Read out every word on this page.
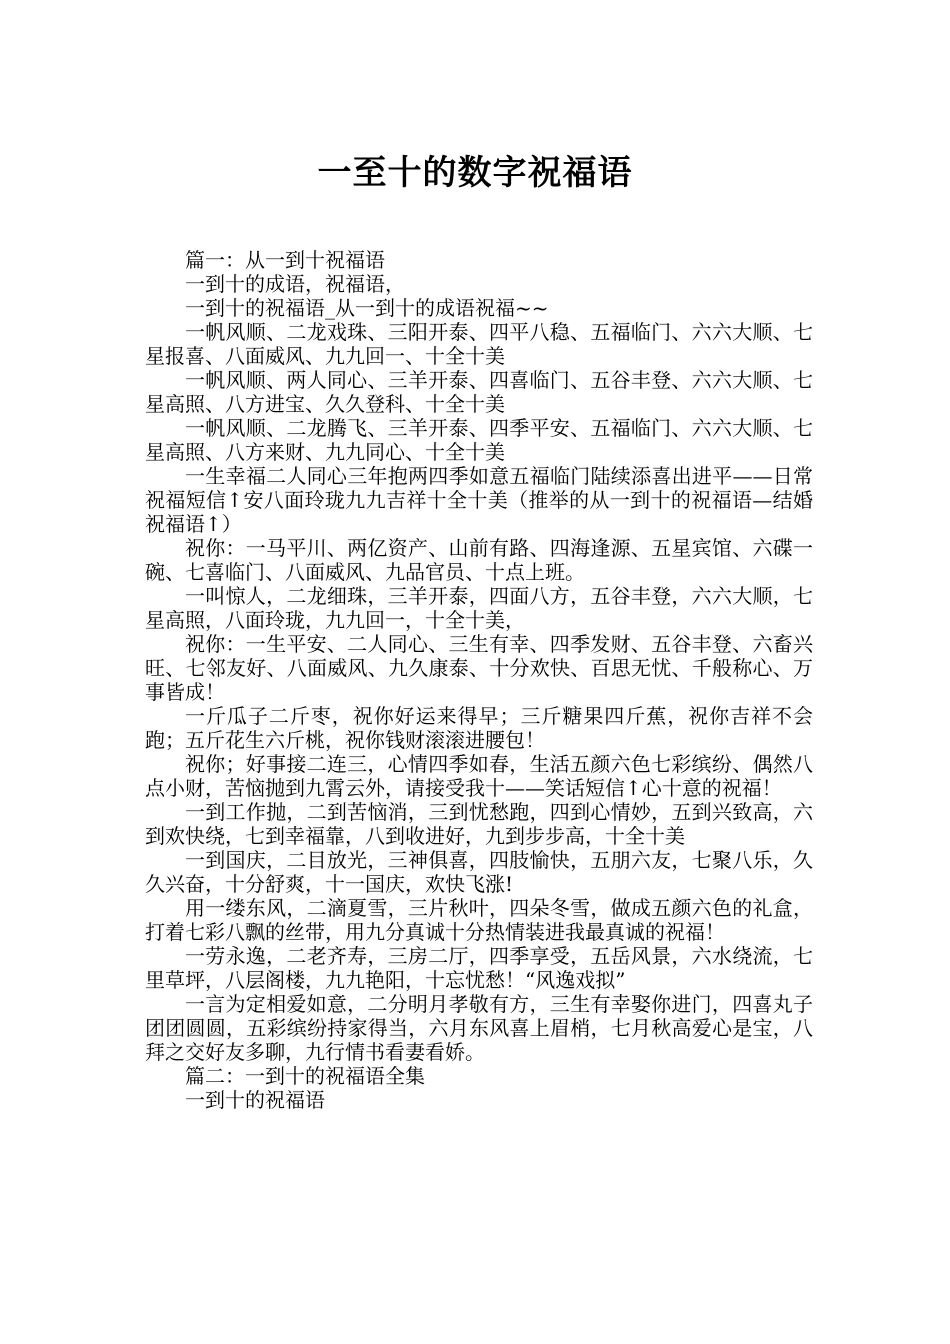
一至十的数字祝福语

篇一：从一到十祝福语

一到十的成语，祝福语，

一到十的祝福语_从一到十的成语祝福~~

一帆风顺、二龙戏珠、三阳开泰、四平八稳、五福临门、六六大顺、七星报喜、八面威风、九九回一、十全十美

一帆风顺、两人同心、三羊开泰、四喜临门、五谷丰登、六六大顺、七星高照、八方进宝、久久登科、十全十美

一帆风顺、二龙腾飞、三羊开泰、四季平安、五福临门、六六大顺、七星高照、八方来财、九九同心、十全十美

一生幸福二人同心三年抱两四季如意五福临门陆续添喜出进平——日常祝福短信↑安八面玲珑九九吉祥十全十美（推举的从一到十的祝福语—结婚祝福语↑）

祝你：一马平川、两亿资产、山前有路、四海逢源、五星宾馆、六碟一碗、七喜临门、八面威风、九品官员、十点上班。

一叫惊人，二龙细珠，三羊开泰，四面八方，五谷丰登，六六大顺，七星高照，八面玲珑，九九回一，十全十美，

祝你：一生平安、二人同心、三生有幸、四季发财、五谷丰登、六畜兴旺、七邻友好、八面威风、九久康泰、十分欢快、百思无忧、千般称心、万事皆成！

一斤瓜子二斤枣，祝你好运来得早；三斤糖果四斤蕉，祝你吉祥不会跑；五斤花生六斤桃，祝你钱财滚滚进腰包！

祝你；好事接二连三，心情四季如春，生活五颜六色七彩缤纷、偶然八点小财，苦恼抛到九霄云外，请接受我十——笑话短信↑心十意的祝福！

一到工作抛，二到苦恼消，三到忧愁跑，四到心情妙，五到兴致高，六到欢快绕，七到幸福靠，八到收进好，九到步步高，十全十美

一到国庆，二目放光，三神俱喜，四肢愉快，五朋六友，七聚八乐，久久兴奋，十分舒爽，十一国庆，欢快飞涨!

用一缕东风，二滴夏雪，三片秋叶，四朵冬雪，做成五颜六色的礼盒，打着七彩八飘的丝带，用九分真诚十分热情装进我最真诚的祝福！

一劳永逸，二老齐寿，三房二厅，四季享受，五岳风景，六水绕流，七里草坪，八层阁楼，九九艳阳，十忘忧愁！“风逸戏拟”

一言为定相爱如意，二分明月孝敬有方，三生有幸娶你进门，四喜丸子团团圆圆，五彩缤纷持家得当，六月东风喜上眉梢，七月秋高爱心是宝，八拜之交好友多聊，九行情书看妻看娇。

篇二：一到十的祝福语全集

一到十的祝福语
